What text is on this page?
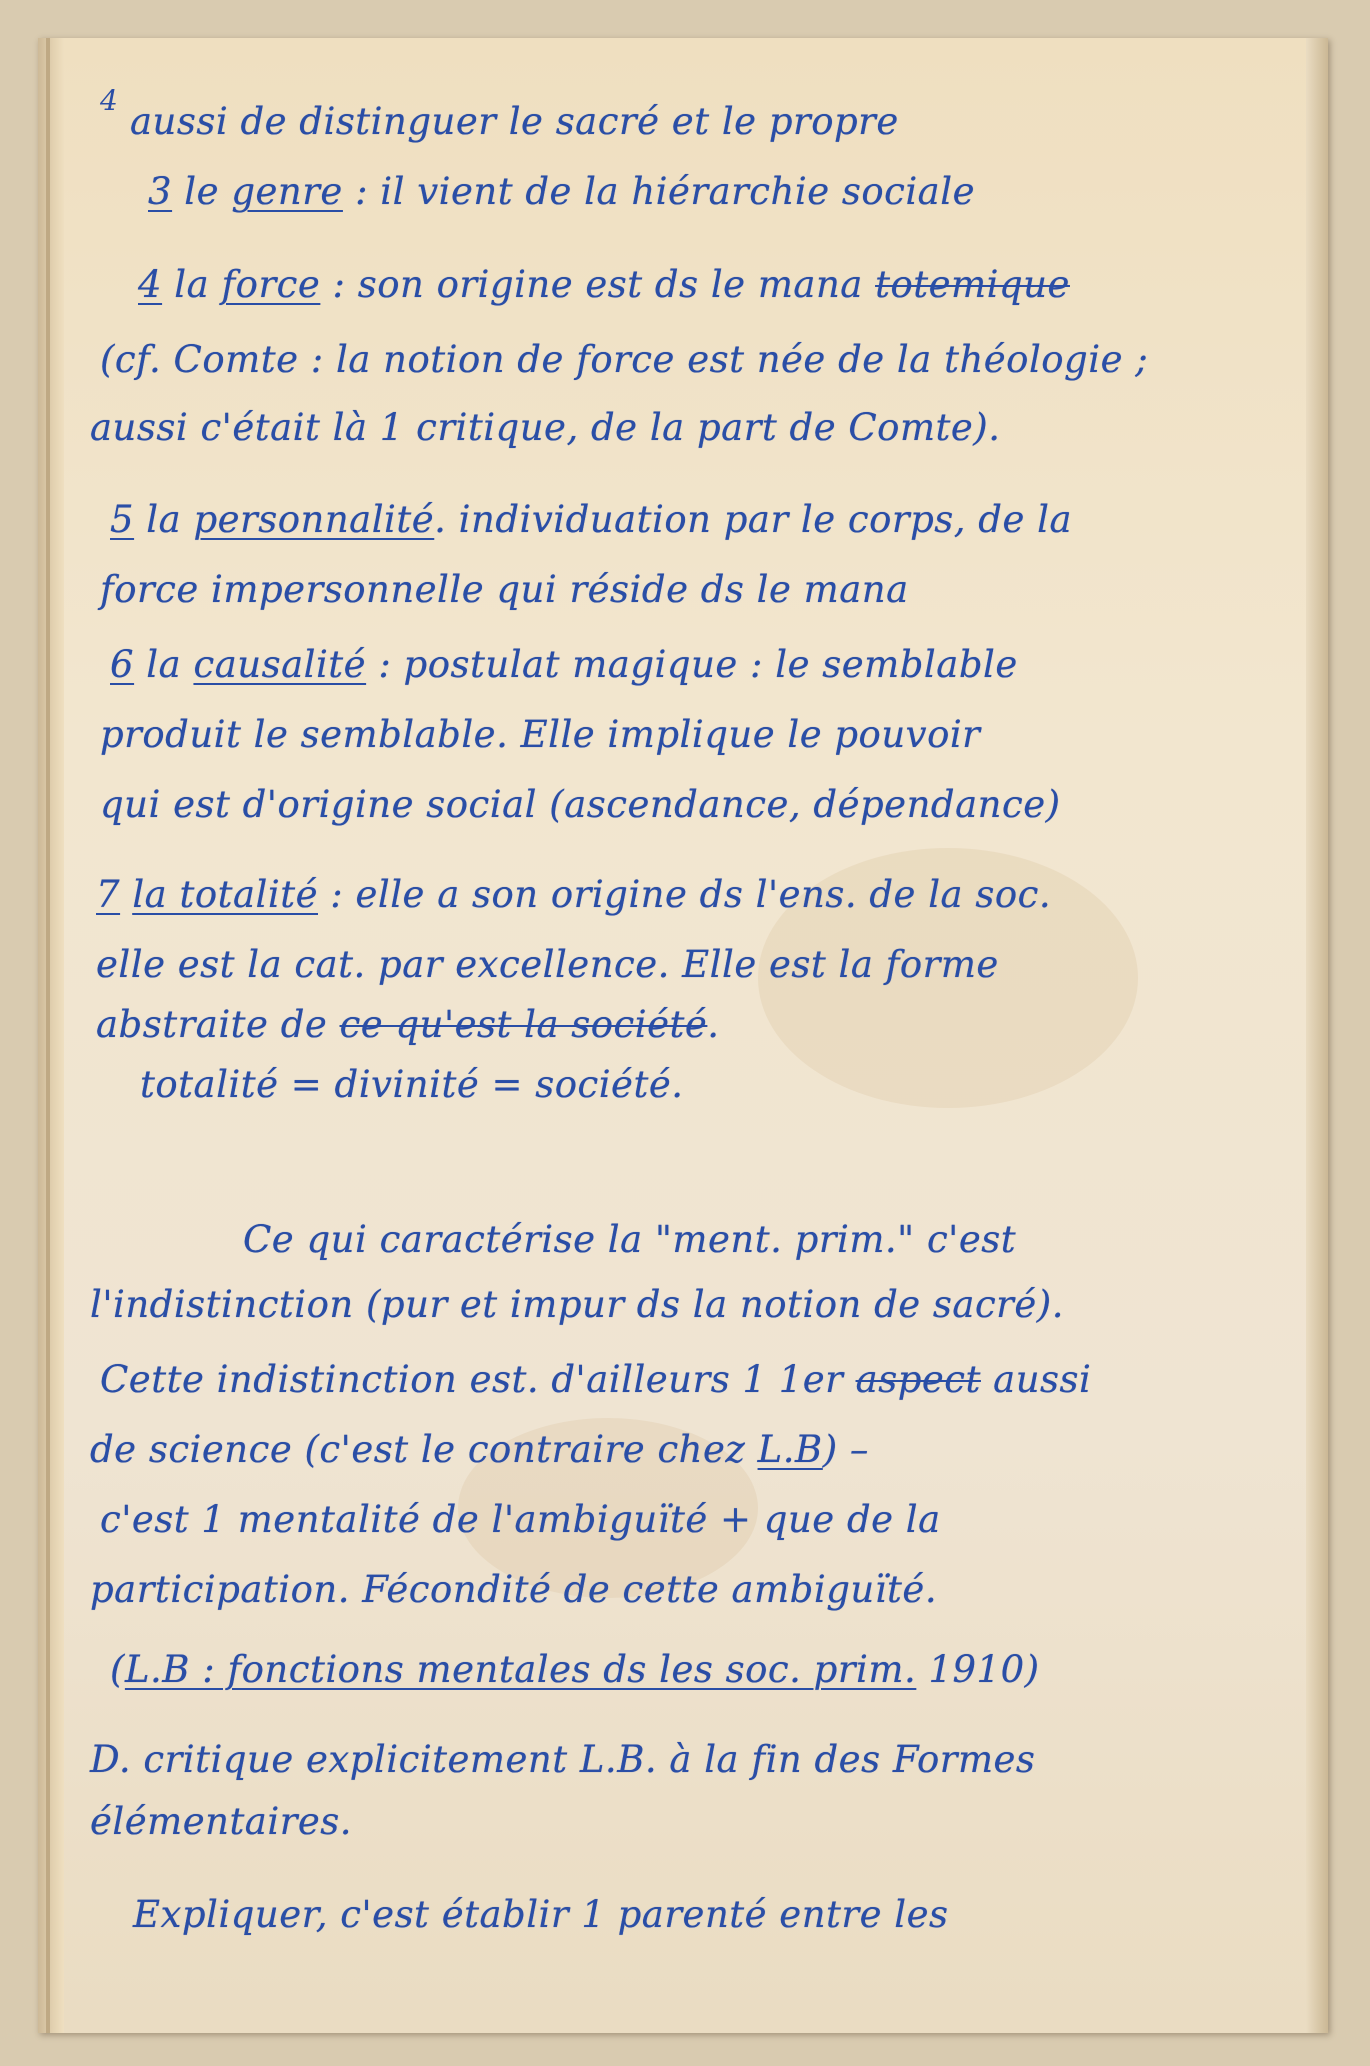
4 aussi de distinguer le sacré et le propre
3 le genre : il vient de la hiérarchie sociale
4 la force : son origine est ds le mana totemique
(cf. Comte : la notion de force est née de la théologie ;
aussi c'était là 1 critique, de la part de Comte).
5 la personnalité. individuation par le corps, de la
force impersonnelle qui réside ds le mana
6 la causalité : postulat magique : le semblable
produit le semblable. Elle implique le pouvoir
qui est d'origine social (ascendance, dépendance)
7 la totalité : elle a son origine ds l'ens. de la soc.
elle est la cat. par excellence. Elle est la forme
abstraite de ce qu'est la société.
totalité = divinité = société.
Ce qui caractérise la "ment. prim." c'est
l'indistinction (pur et impur ds la notion de sacré).
Cette indistinction est. d'ailleurs 1 1er aspect aussi
de science (c'est le contraire chez L.B) –
c'est 1 mentalité de l'ambiguïté + que de la
participation. Fécondité de cette ambiguïté.
(L.B : fonctions mentales ds les soc. prim. 1910)
D. critique explicitement L.B. à la fin des Formes
élémentaires.
Expliquer, c'est établir 1 parenté entre les
